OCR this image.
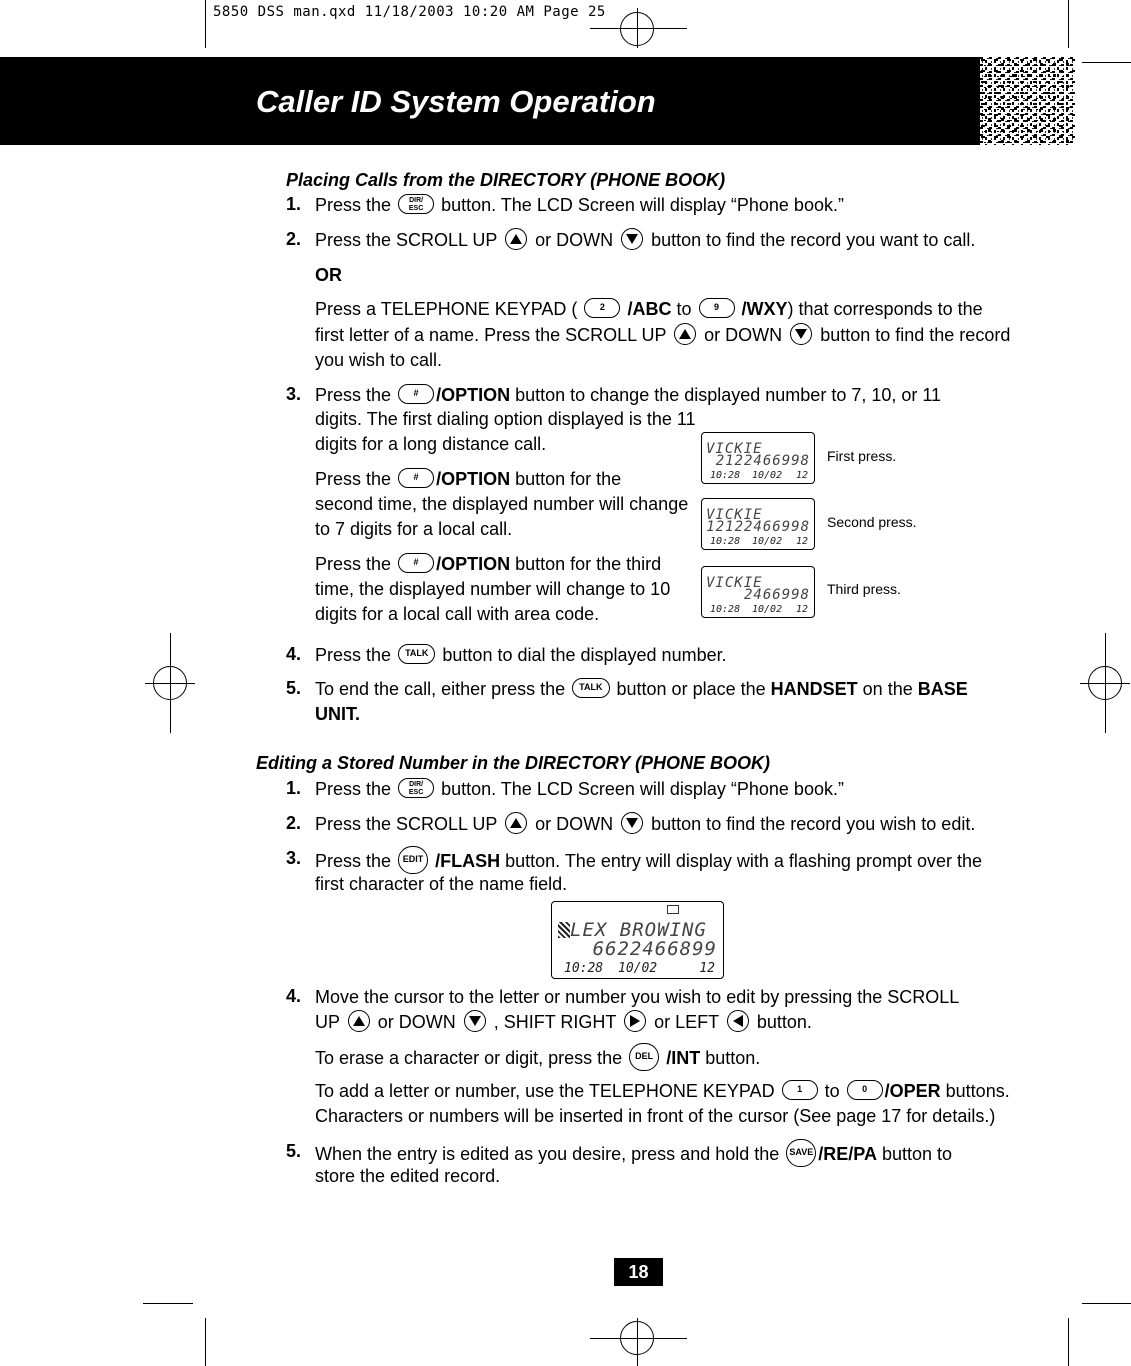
5850 DSS man.qxd 11/18/2003 10:20 AM Page 25
Caller ID System Operation
Placing Calls from the DIRECTORY (PHONE BOOK)
1. Press the	DIR/
ESC button. The LCD Screen will display “Phone book.”
2. Press the SCROLL UP or DOWN button to find the record you want to call.
OR
Press a TELEPHONE KEYPAD (	2 /ABC to	9 /WXY) that corresponds to the
first letter of a name. Press the SCROLL UP or DOWN button to find the record
you wish to call.
3. Press the	# /OPTION button to change the displayed number to 7, 10, or 11
digits. The first dialing option displayed is the 11
digits for a long distance call.
Press the	# /OPTION button for the
second time, the displayed number will change
to 7 digits for a local call.
Press the	# /OPTION button for the third
time, the displayed number will change to 10
digits for a local call with area code.
VICKIE
2122466998
10:28 10/02 12
First press.
VICKIE
12122466998
10:28 10/02 12
Second press.
VICKIE
2466998
10:28 10/02 12
Third press.
4. Press the TALK button to dial the displayed number.
5. To end the call, either press the TALK button or place the HANDSET on the BASE
UNIT.
Editing a Stored Number in the DIRECTORY (PHONE BOOK)
1. Press the	DIR/
ESC button. The LCD Screen will display “Phone book.”
2. Press the SCROLL UP or DOWN button to find the record you wish to edit.
3. Press the EDIT /FLASH button. The entry will display with a flashing prompt over the
first character of the name field.
LEX BROWING
6622466899
10:28 10/02	12
4. Move the cursor to the letter or number you wish to edit by pressing the SCROLL
UP or DOWN , SHIFT RIGHT or LEFT button.
To erase a character or digit, press the DEL /INT button.
To add a letter or number, use the TELEPHONE KEYPAD	1 to	0 /OPER buttons.
Characters or numbers will be inserted in front of the cursor (See page 17 for details.)
5. When the entry is edited as you desire, press and hold the SAVE /RE/PA button to
store the edited record.
18
